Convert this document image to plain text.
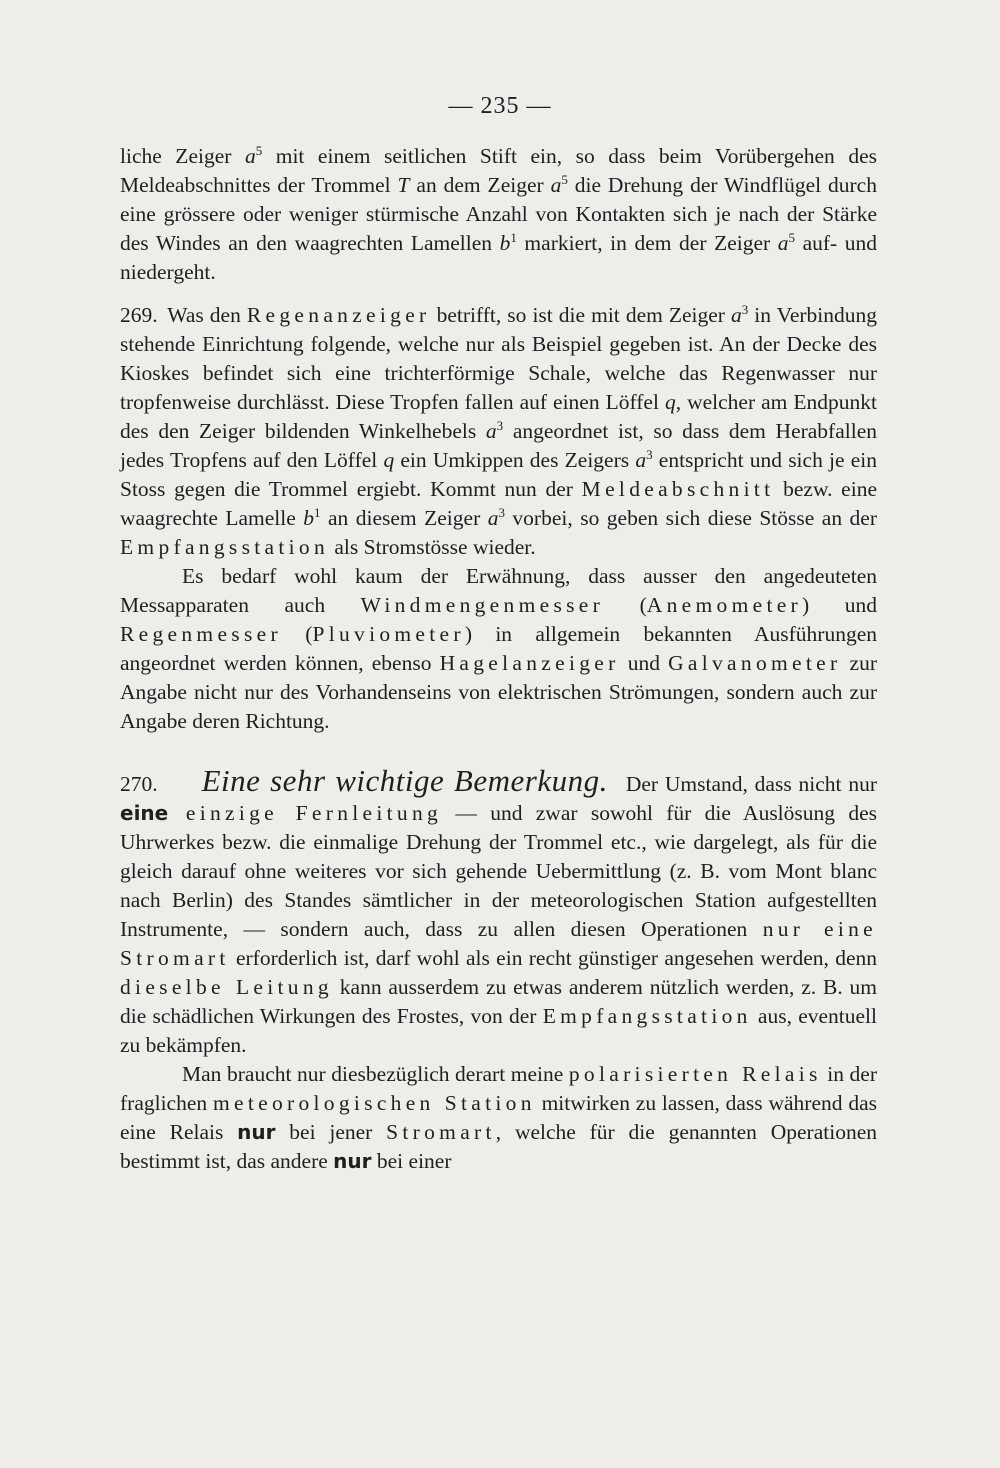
— 235 —

liche Zeiger $a^5$ mit einem seitlichen Stift ein, so dass beim Vorübergehen des Meldeabschnittes der Trommel T an dem Zeiger $a^5$ die Drehung der Windflügel durch eine grössere oder weniger stürmische Anzahl von Kontakten sich je nach der Stärke des Windes an den waagrechten Lamellen $b^1$ markiert, in dem der Zeiger $a^5$ auf- und niedergeht.

269. Was den Regenanzeiger betrifft, so ist die mit dem Zeiger $a^3$ in Verbindung stehende Einrichtung folgende, welche nur als Beispiel gegeben ist. An der Decke des Kioskes befindet sich eine trichterförmige Schale, welche das Regenwasser nur tropfenweise durchlässt. Diese Tropfen fallen auf einen Löffel q, welcher am Endpunkt des den Zeiger bildenden Winkelhebels $a^3$ angeordnet ist, so dass dem Herabfallen jedes Tropfens auf den Löffel q ein Umkippen des Zeigers $a^3$ entspricht und sich je ein Stoss gegen die Trommel ergiebt. Kommt nun der Meldeabschnitt bezw. eine waagrechte Lamelle $b^1$ an diesem Zeiger $a^3$ vorbei, so geben sich diese Stösse an der Empfangsstation als Stromstösse wieder.

Es bedarf wohl kaum der Erwähnung, dass ausser den angedeuteten Messapparaten auch Windmengenmesser (Anemometer) und Regenmesser (Pluviometer) in allgemein bekannten Ausführungen angeordnet werden können, ebenso Hagelanzeiger und Galvanometer zur Angabe nicht nur des Vorhandenseins von elektrischen Strömungen, sondern auch zur Angabe deren Richtung.

270. Eine sehr wichtige Bemerkung. Der Umstand, dass nicht nur eine einzige Fernleitung — und zwar sowohl für die Auslösung des Uhrwerkes bezw. die einmalige Drehung der Trommel etc., wie dargelegt, als für die gleich darauf ohne weiteres vor sich gehende Uebermittlung (z. B. vom Mont blanc nach Berlin) des Standes sämtlicher in der meteorologischen Station aufgestellten Instrumente, — sondern auch, dass zu allen diesen Operationen nur eine Stromart erforderlich ist, darf wohl als ein recht günstiger angesehen werden, denn dieselbe Leitung kann ausserdem zu etwas anderem nützlich werden, z. B. um die schädlichen Wirkungen des Frostes, von der Empfangsstation aus, eventuell zu bekämpfen.

Man braucht nur diesbezüglich derart meine polarisierten Relais in der fraglichen meteorologischen Station mitwirken zu lassen, dass während das eine Relais nur bei jener Stromart, welche für die genannten Operationen bestimmt ist, das andere nur bei einer
